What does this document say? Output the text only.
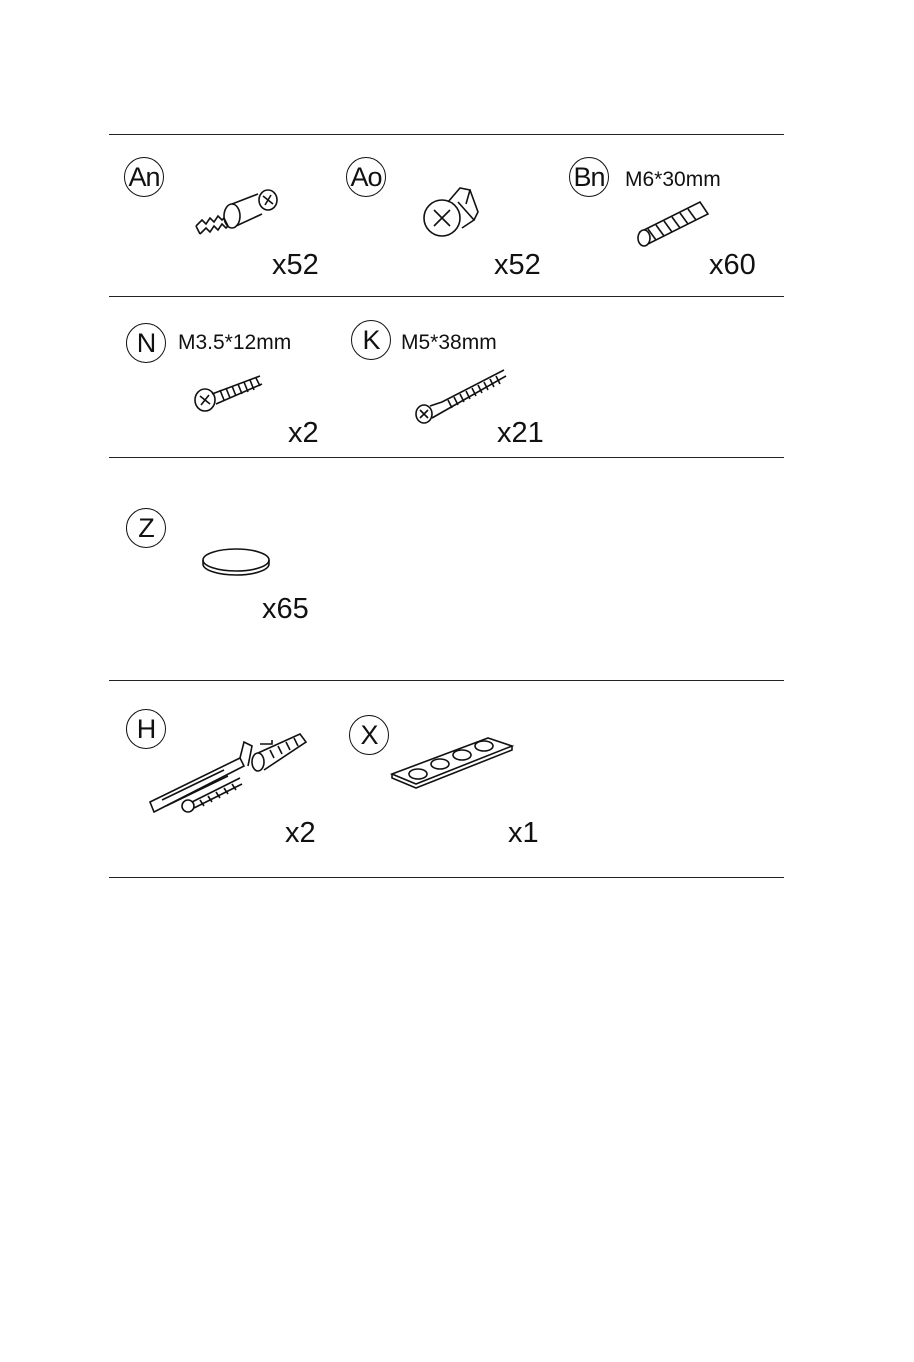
An
x52
Ao
x52
Bn M6*30mm
x60
N	M3.5*12mm
x2
K	M5*38mm
x21
Z
x65
H
x2
X
x1
